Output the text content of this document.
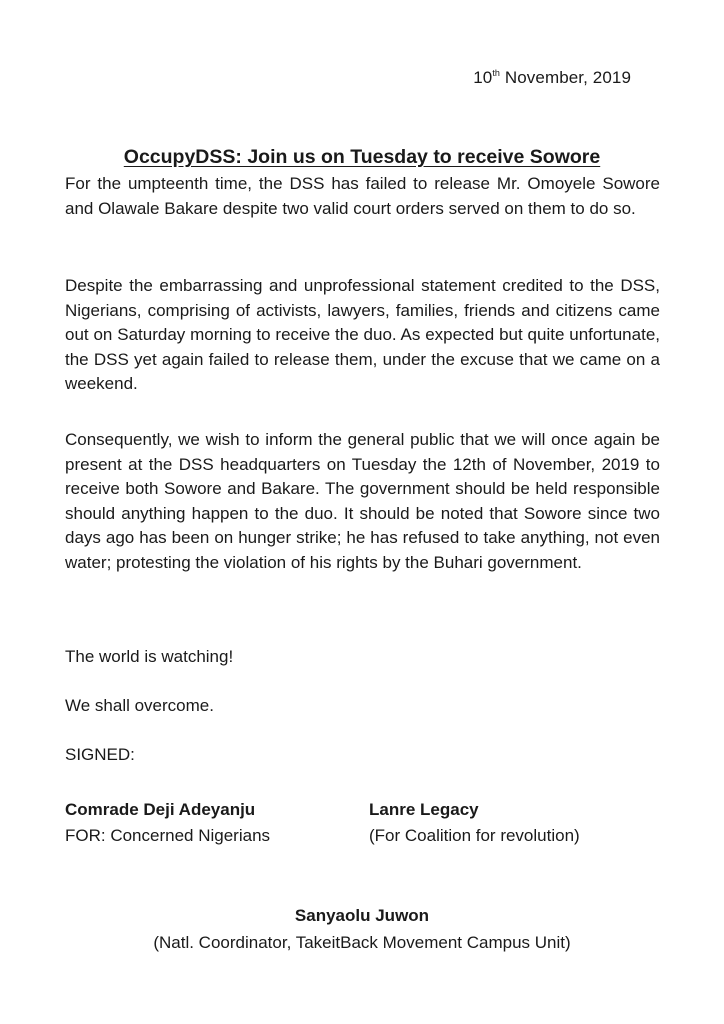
10th November, 2019
OccupyDSS: Join us on Tuesday to receive Sowore

For the umpteenth time, the DSS has failed to release Mr. Omoyele Sowore and Olawale Bakare despite two valid court orders served on them to do so.

Despite the embarrassing and unprofessional statement credited to the DSS, Nigerians, comprising of activists, lawyers, families, friends and citizens came out on Saturday morning to receive the duo. As expected but quite unfortunate, the DSS yet again failed to release them, under the excuse that we came on a weekend.

Consequently, we wish to inform the general public that we will once again be present at the DSS headquarters on Tuesday the 12th of November, 2019 to receive both Sowore and Bakare. The government should be held responsible should anything happen to the duo. It should be noted that Sowore since two days ago has been on hunger strike; he has refused to take anything, not even water; protesting the violation of his rights by the Buhari government.

The world is watching!

We shall overcome.

SIGNED:

Comrade Deji Adeyanju
FOR: Concerned Nigerians
Lanre Legacy
(For Coalition for revolution)
Sanyaolu Juwon
(Natl. Coordinator, TakeitBack Movement Campus Unit)
